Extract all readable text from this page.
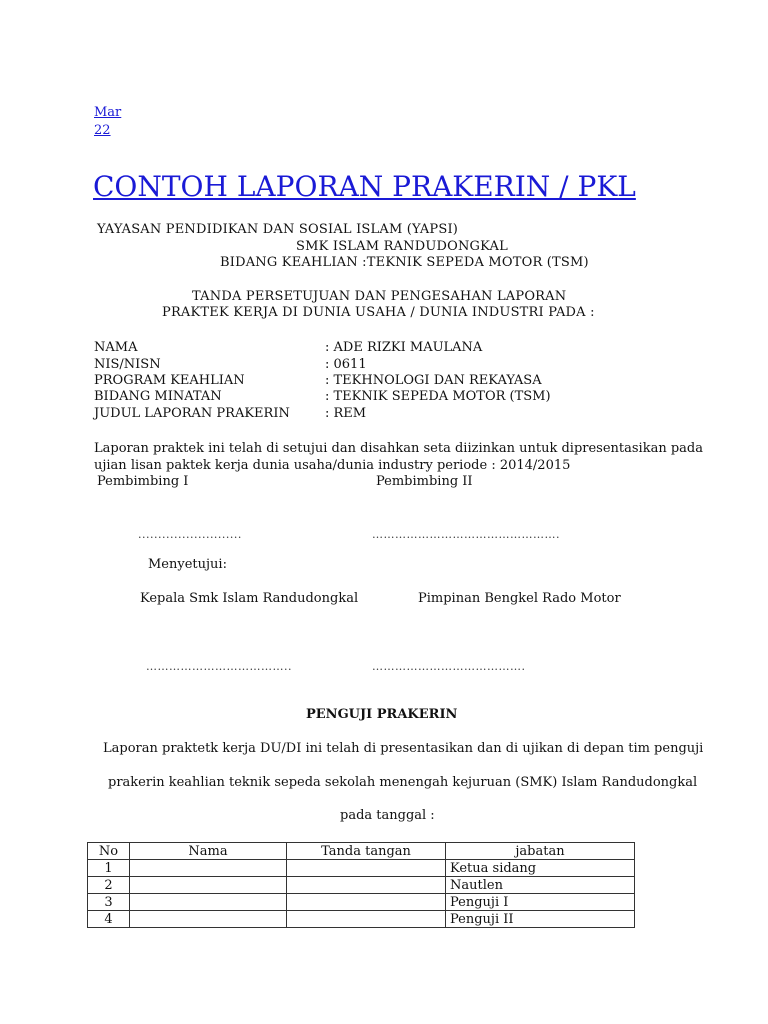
Mar
22
CONTOH LAPORAN PRAKERIN / PKL
YAYASAN PENDIDIKAN DAN SOSIAL ISLAM (YAPSI)
SMK ISLAM RANDUDONGKAL
BIDANG KEAHLIAN :TEKNIK SEPEDA MOTOR (TSM)
TANDA PERSETUJUAN DAN PENGESAHAN LAPORAN
PRAKTEK KERJA DI DUNIA USAHA / DUNIA INDUSTRI PADA :
NAMA	: ADE RIZKI MAULANA
NIS/NISN	: 0611
PROGRAM KEAHLIAN	: TEKHNOLOGI DAN REKAYASA
BIDANG MINATAN	: TEKNIK SEPEDA MOTOR (TSM)
JUDUL LAPORAN PRAKERIN	: REM
Laporan praktek ini telah di setujui dan disahkan seta diizinkan untuk dipresentasikan pada
ujian lisan paktek kerja dunia usaha/dunia industry periode : 2014/2015
Pembimbing I	Pembimbing II
..........................	………………………………………….
Menyetujui:
Kepala Smk Islam Randudongkal	Pimpinan Bengkel Rado Motor
………………………………..	………………………………….
PENGUJI PRAKERIN
Laporan praktetk kerja DU/DI ini telah di presentasikan dan di ujikan di depan tim penguji
prakerin keahlian teknik sepeda sekolah menengah kejuruan (SMK) Islam Randudongkal
pada tanggal :
No	Nama	Tanda tangan	jabatan
1			Ketua sidang
2			Nautlen
3			Penguji I
4			Penguji II
